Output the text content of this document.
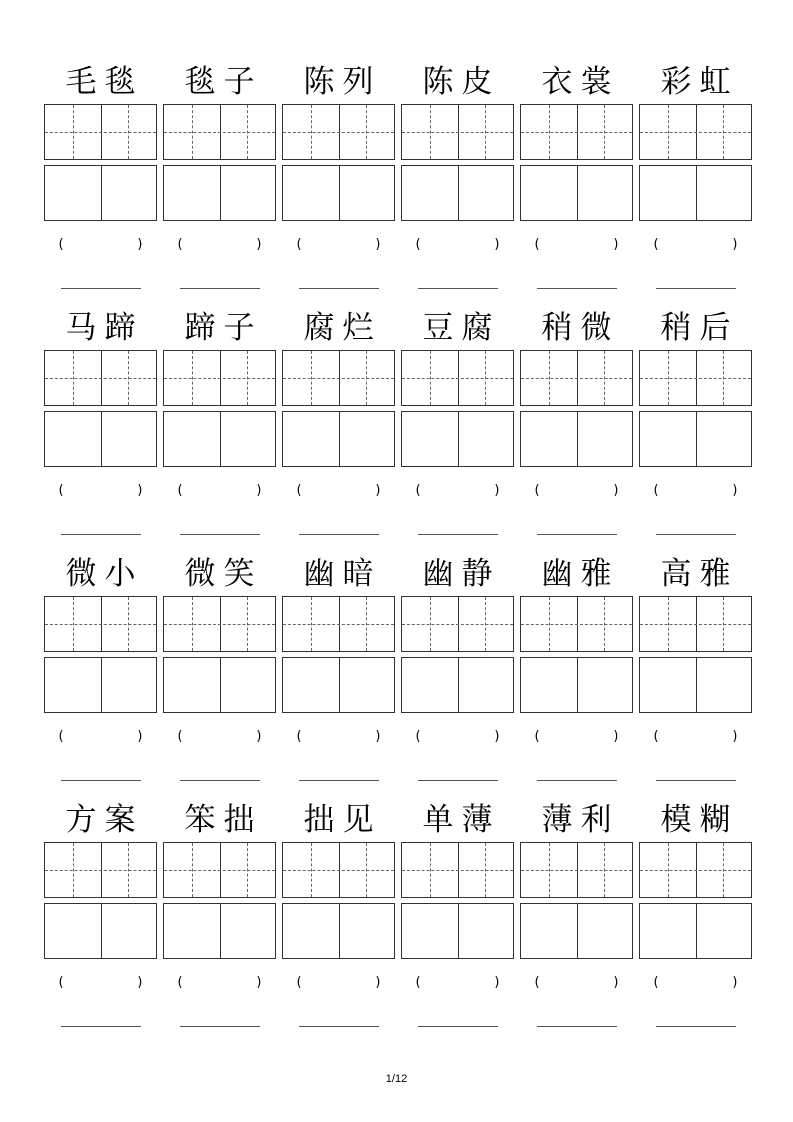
毛毯
(	)
毯子
(	)
陈列
(	)
陈皮
(	)
衣裳
(	)
彩虹
(	)
马蹄
(	)
蹄子
(	)
腐烂
(	)
豆腐
(	)
稍微
(	)
稍后
(	)
微小
(	)
微笑
(	)
幽暗
(	)
幽静
(	)
幽雅
(	)
高雅
(	)
方案
(	)
笨拙
(	)
拙见
(	)
单薄
(	)
薄利
(	)
模糊
(	)
1/12
